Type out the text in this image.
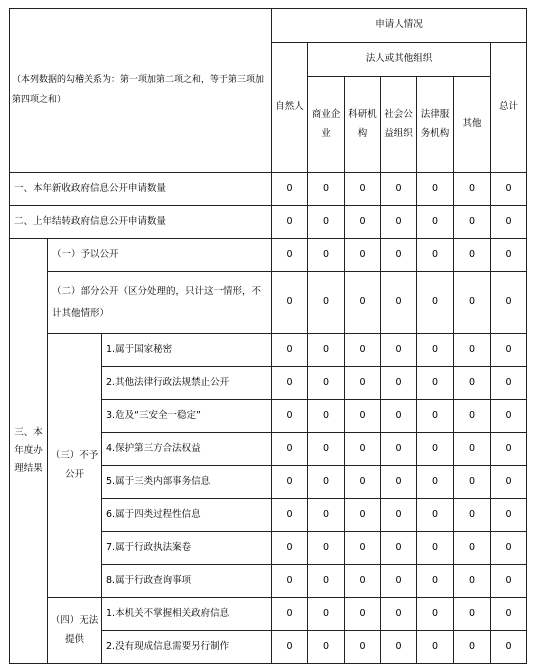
（本列数据的勾稽关系为：第一项加第二项之和，等于第三项加第四项之和）			申请人情况						
			自然人	法人或其他组织					总计
				商业企业	科研机构	社会公益组织	法律服务机构	其他	
一、本年新收政府信息公开申请数量			0	0	0	0	0	0	0
二、上年结转政府信息公开申请数量			0	0	0	0	0	0	0
三、本年度办理结果	（一）予以公开		0	0	0	0	0	0	0
	（二）部分公开（区分处理的，只计这一情形，不计其他情形）		0	0	0	0	0	0	0
	（三）不予公开	1.属于国家秘密	0	0	0	0	0	0	0
		2.其他法律行政法规禁止公开	0	0	0	0	0	0	0
		3.危及“三安全一稳定”	0	0	0	0	0	0	0
		4.保护第三方合法权益	0	0	0	0	0	0	0
		5.属于三类内部事务信息	0	0	0	0	0	0	0
		6.属于四类过程性信息	0	0	0	0	0	0	0
		7.属于行政执法案卷	0	0	0	0	0	0	0
		8.属于行政查询事项	0	0	0	0	0	0	0
	（四）无法提供	1.本机关不掌握相关政府信息	0	0	0	0	0	0	0
		2.没有现成信息需要另行制作	0	0	0	0	0	0	0
